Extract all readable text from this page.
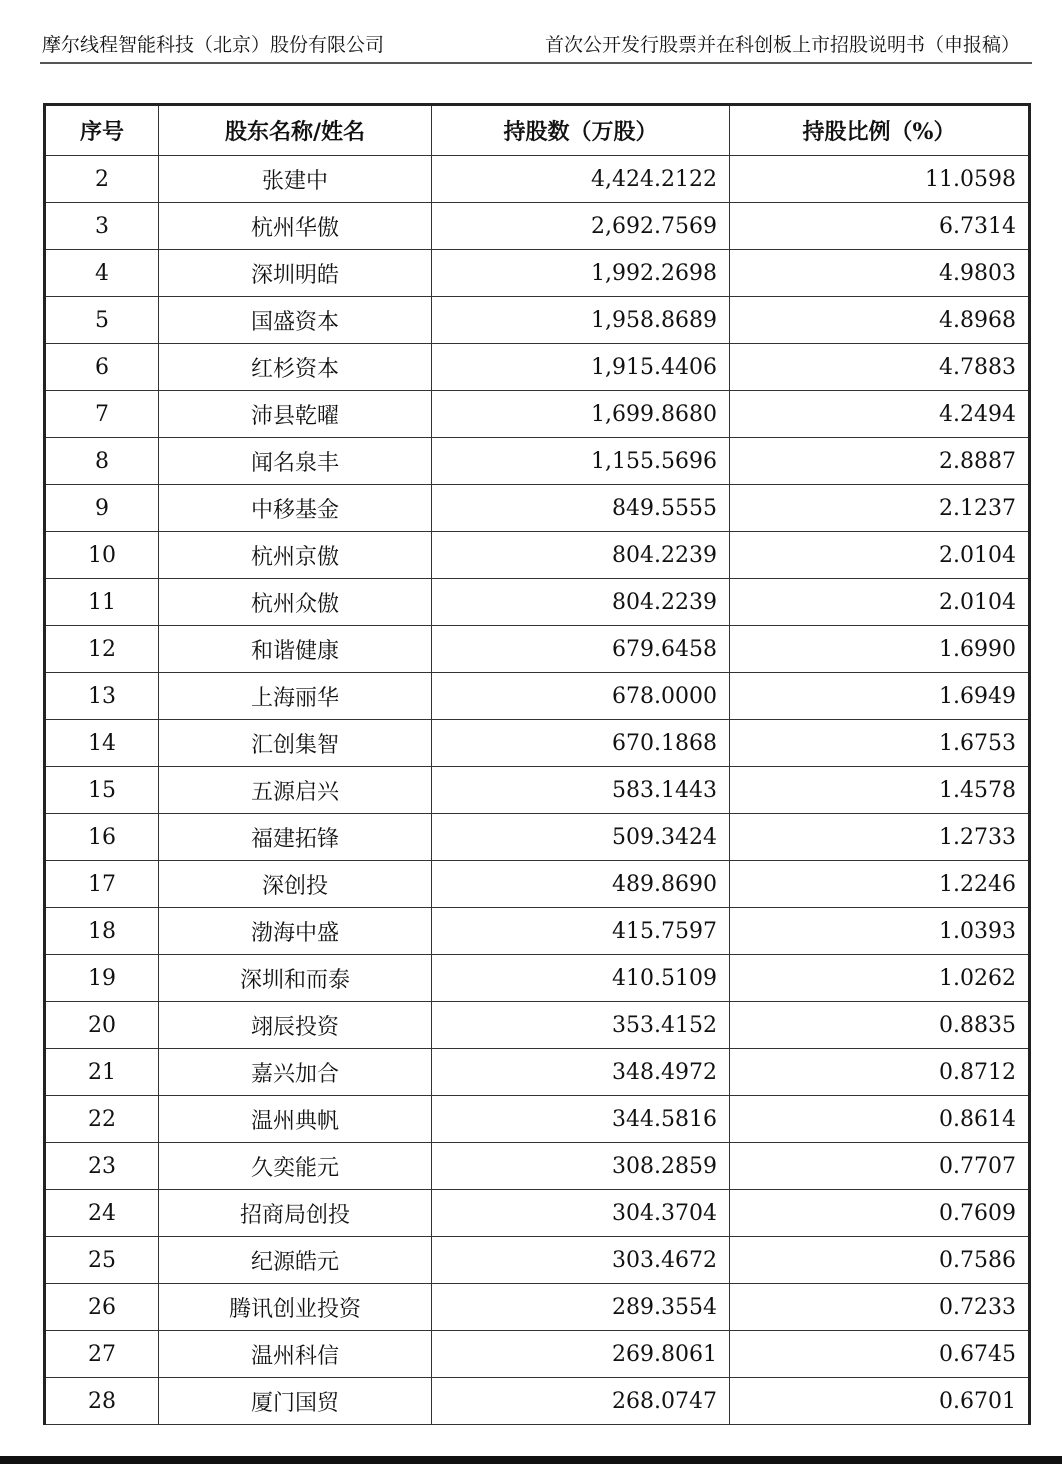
摩尔线程智能科技（北京）股份有限公司	首次公开发行股票并在科创板上市招股说明书（申报稿）
序号	股东名称/姓名	持股数（万股）	持股比例（%）
2	张建中	4,424.2122	11.0598
3	杭州华傲	2,692.7569	6.7314
4	深圳明皓	1,992.2698	4.9803
5	国盛资本	1,958.8689	4.8968
6	红杉资本	1,915.4406	4.7883
7	沛县乾曜	1,699.8680	4.2494
8	闻名泉丰	1,155.5696	2.8887
9	中移基金	849.5555	2.1237
10	杭州京傲	804.2239	2.0104
11	杭州众傲	804.2239	2.0104
12	和谐健康	679.6458	1.6990
13	上海丽华	678.0000	1.6949
14	汇创集智	670.1868	1.6753
15	五源启兴	583.1443	1.4578
16	福建拓锋	509.3424	1.2733
17	深创投	489.8690	1.2246
18	渤海中盛	415.7597	1.0393
19	深圳和而泰	410.5109	1.0262
20	翊辰投资	353.4152	0.8835
21	嘉兴加合	348.4972	0.8712
22	温州典帆	344.5816	0.8614
23	久奕能元	308.2859	0.7707
24	招商局创投	304.3704	0.7609
25	纪源皓元	303.4672	0.7586
26	腾讯创业投资	289.3554	0.7233
27	温州科信	269.8061	0.6745
28	厦门国贸	268.0747	0.6701
